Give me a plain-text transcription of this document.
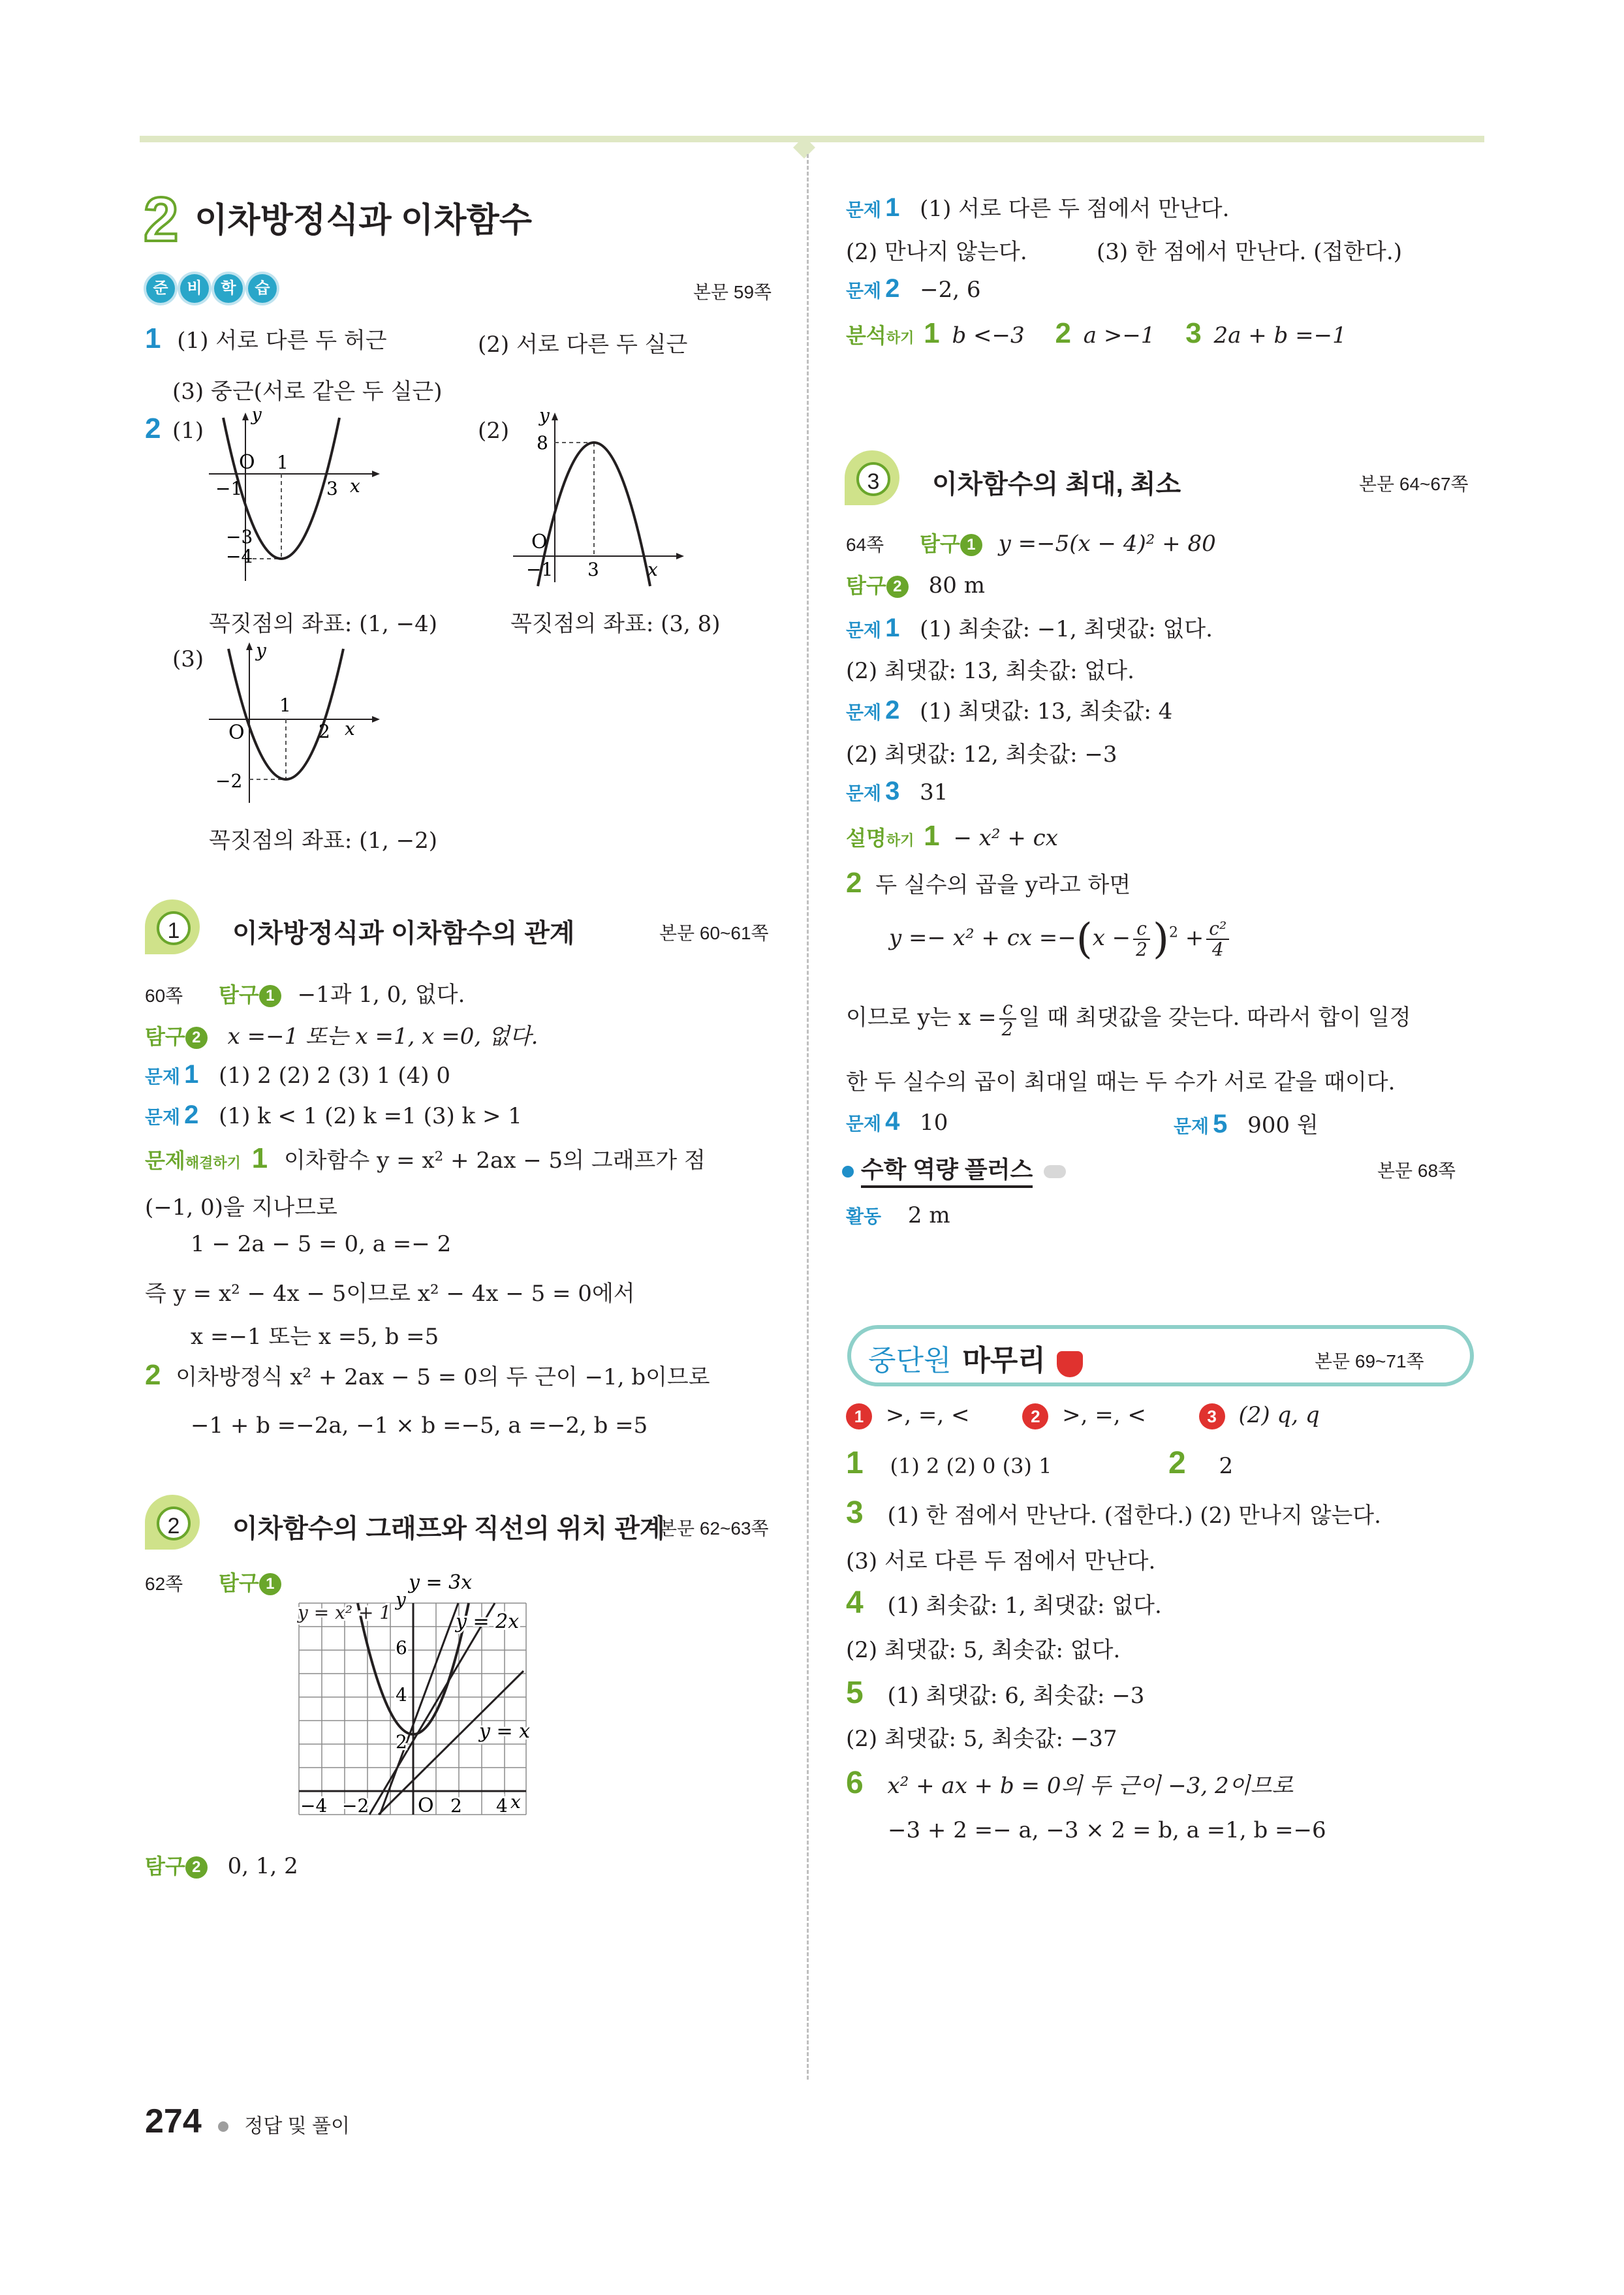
2 이차방정식과 이차함수
준 비 학 습	본문 59쪽
1 (1) 서로 다른 두 허근	(2) 서로 다른 두 실근
(3) 중근(서로 같은 두 실근)
2 (1)	(2)
y
O 1
3 x
−1
−3
−4
y
8
O
−1 3	x
꼭짓점의 좌표: (1, −4)	꼭짓점의 좌표: (3, 8)
(3)	y
1
O	2 x
−2
꼭짓점의 좌표: (1, −2)
1	이차방정식과 이차함수의 관계	본문 60~61쪽
60쪽 탐구 1 −1과 1, 0, 없다.
탐구 2 x =−1 또는 x =1, x =0, 없다.
문제 1 (1) 2 (2) 2 (3) 1 (4) 0
문제 2 (1) k < 1 (2) k =1 (3) k > 1
문제해결하기 1 이차함수 y = x² + 2ax − 5의 그래프가 점
(−1, 0)을 지나므로
1 − 2a − 5 = 0, a =− 2
즉 y = x² − 4x − 5이므로 x² − 4x − 5 = 0에서
x =−1 또는 x =5, b =5
2 이차방정식 x² + 2ax − 5 = 0의 두 근이 −1, b이므로
−1 + b =−2a, −1 × b =−5, a =−2, b =5
2	이차함수의 그래프와 직선의 위치 관계
본문 62~63쪽
62쪽 탐구 1	y = 3x
y = x² + 1	y = 2x
y = x
6
4
2
−4 −2 O 2 4 x
y
탐구 2 0, 1, 2
문제 1 (1) 서로 다른 두 점에서 만난다.
(2) 만나지 않는다.	(3) 한 점에서 만난다. (접한다.)
문제 2 −2, 6
분석하기 1 b <−3 2 a >−1 3 2a + b =−1
3	이차함수의 최대, 최소	본문 64~67쪽
64쪽 탐구 1 y =−5(x − 4)² + 80
탐구 2 80 m
문제 1 (1) 최솟값: −1, 최댓값: 없다.
(2) 최댓값: 13, 최솟값: 없다.
문제 2 (1) 최댓값: 13, 최솟값: 4
(2) 최댓값: 12, 최솟값: −3
문제 3 31
설명하기 1 − x² + cx
2 두 실수의 곱을 y라고 하면
y =− x² + cx $=-(x - \frac{c}{2} )^2 + \frac{\text{c²}}{4}$
이므로 y는 $x = \frac{c}{2}$ 일 때 최댓값을 갖는다. 따라서 합이 일정
한 두 실수의 곱이 최대일 때는 두 수가 서로 같을 때이다.
문제 4 10	문제 5 900 원
수학 역량 플러스	본문 68쪽
활동 2 m
중단원 마무리	본문 69~71쪽
1 >, =, <	2 >, =, <	3 (2) q, q
1 (1) 2 (2) 0 (3) 1	2 2
3 (1) 한 점에서 만난다. (접한다.) (2) 만나지 않는다.
(3) 서로 다른 두 점에서 만난다.
4 (1) 최솟값: 1, 최댓값: 없다.
(2) 최댓값: 5, 최솟값: 없다.
5 (1) 최댓값: 6, 최솟값: −3
(2) 최댓값: 5, 최솟값: −37
6 x² + ax + b = 0의 두 근이 −3, 2이므로
−3 + 2 =− a, −3 × 2 = b, a =1, b =−6
274 정답 및 풀이
